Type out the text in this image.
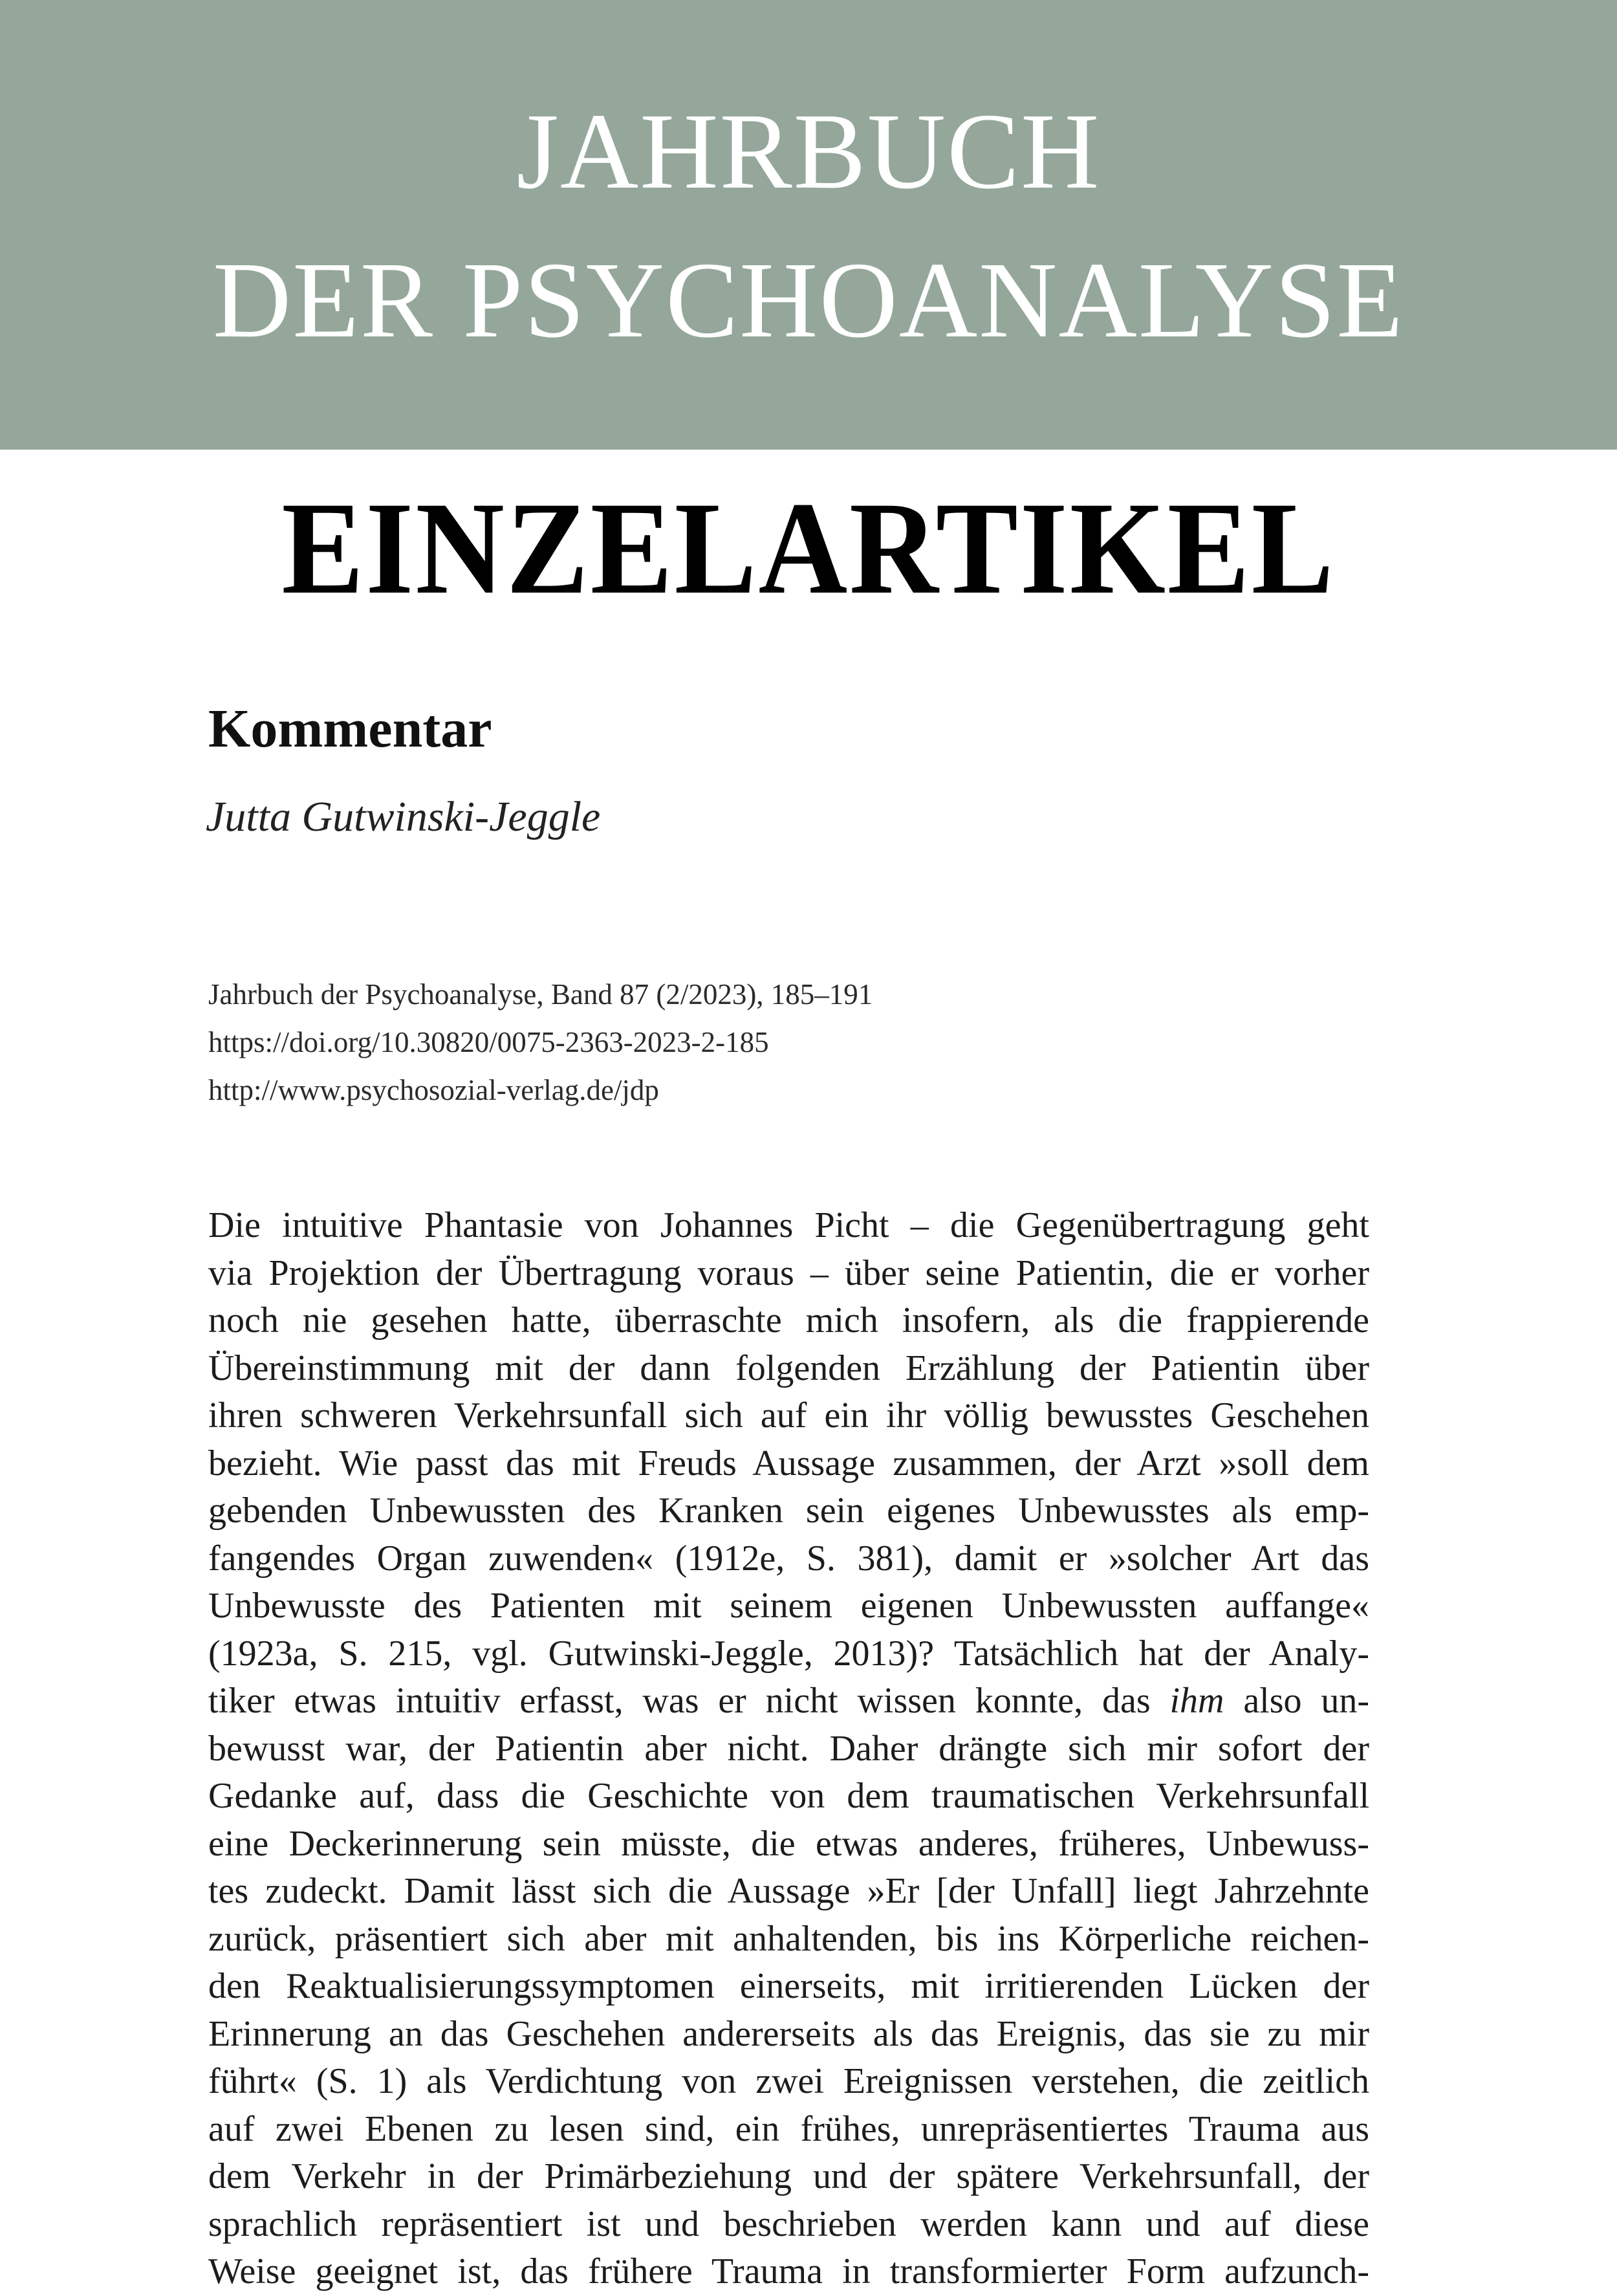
JAHRBUCH
DER PSYCHOANALYSE
EINZELARTIKEL
Kommentar
Jutta Gutwinski-Jeggle
Jahrbuch der Psychoanalyse, Band 87 (2/2023), 185–191
https://doi.org/10.30820/0075-2363-2023-2-185
http://www.psychosozial-verlag.de/jdp
Die intuitive Phantasie von Johannes Picht – die Gegenübertragung geht
via Projektion der Übertragung voraus – über seine Patientin, die er vorher
noch nie gesehen hatte, überraschte mich insofern, als die frappierende
Übereinstimmung mit der dann folgenden Erzählung der Patientin über
ihren schweren Verkehrsunfall sich auf ein ihr völlig bewusstes Geschehen
bezieht. Wie passt das mit Freuds Aussage zusammen, der Arzt »soll dem
gebenden Unbewussten des Kranken sein eigenes Unbewusstes als emp-
fangendes Organ zuwenden« (1912e, S. 381), damit er »solcher Art das
Unbewusste des Patienten mit seinem eigenen Unbewussten auffange«
(1923a, S. 215, vgl. Gutwinski-Jeggle, 2013)? Tatsächlich hat der Analy-
tiker etwas intuitiv erfasst, was er nicht wissen konnte, das ihm also un-
bewusst war, der Patientin aber nicht. Daher drängte sich mir sofort der
Gedanke auf, dass die Geschichte von dem traumatischen Verkehrsunfall
eine Deckerinnerung sein müsste, die etwas anderes, früheres, Unbewuss-
tes zudeckt. Damit lässt sich die Aussage »Er [der Unfall] liegt Jahrzehnte
zurück, präsentiert sich aber mit anhaltenden, bis ins Körperliche reichen-
den Reaktualisierungssymptomen einerseits, mit irritierenden Lücken der
Erinnerung an das Geschehen andererseits als das Ereignis, das sie zu mir
führt« (S. 1) als Verdichtung von zwei Ereignissen verstehen, die zeitlich
auf zwei Ebenen zu lesen sind, ein frühes, unrepräsentiertes Trauma aus
dem Verkehr in der Primärbeziehung und der spätere Verkehrsunfall, der
sprachlich repräsentiert ist und beschrieben werden kann und auf diese
Weise geeignet ist, das frühere Trauma in transformierter Form aufzunch-
